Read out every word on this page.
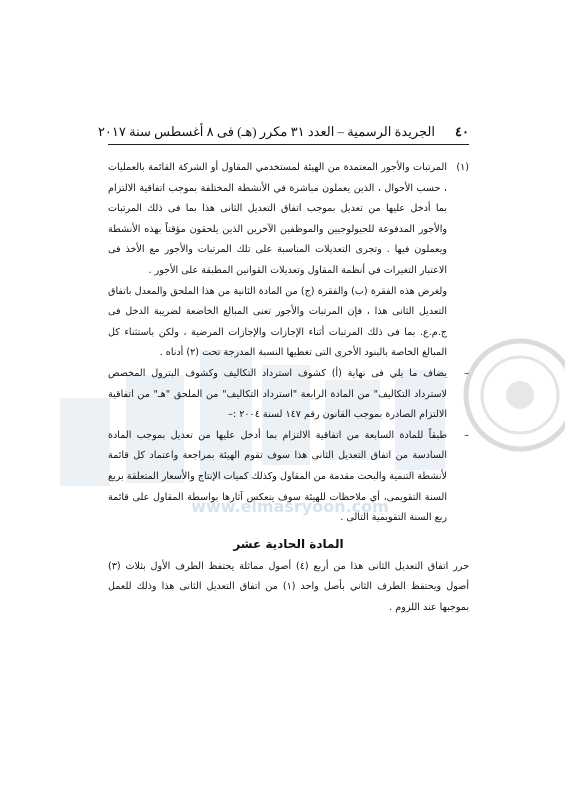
www.elmasryoon.com
٤٠
الجريدة الرسمية – العدد ٣١ مكرر (هـ) فى ٨ أغسطس سنة ٢٠١٧
(١)

المرتبات والأجور المعتمدة من الهيئة لمستخدمي المقاول أو الشركة القائمة بالعمليات ، حسب الأحوال ، الذين يعملون مباشرة في الأنشطة المختلفة بموجب اتفاقية الالتزام بما أدخل عليها من تعديل بموجب اتفاق التعديل الثانى هذا بما فى ذلك المرتبات والأجور المدفوعة للجيولوجيين والموظفين الآخرين الذين يلحقون مؤقتاً بهذه الأنشطة ويعملون فيها . وتجرى التعديلات المناسبة على تلك المرتبات والأجور مع الأخذ فى الاعتبار التغيرات في أنظمة المقاول وتعديلات القوانين المطبقة على الأجور .

ولغرض هذه الفقرة (ب) والفقرة (ج) من المادة الثانية من هذا الملحق والمعدل باتفاق التعديل الثانى هذا ، فإن المرتبات والأجور تعنى المبالغ الخاضعة لضريبة الدخل فى ج.م.ع. بما فى ذلك المرتبات أثناء الإجازات والإجازات المرضية ، ولكن باستثناء كل المبالغ الخاصة بالبنود الأخرى التى تغطيها النسبة المدرجة تحت (٢) أدناه .

–

يضاف ما يلي فى نهاية (أ) كشوف استرداد التكاليف وكشوف البترول المخصص لاسترداد التكاليف" من المادة الرابعة "استرداد التكاليف" من الملحق "هـ" من اتفاقية الالتزام الصادرة بموجب القانون رقم ١٤٧ لسنة ٢٠٠٤ :–

–

طبقاً للمادة السابعة من اتفاقية الالتزام بما أدخل عليها من تعديل بموجب المادة السادسة من اتفاق التعديل الثانى هذا سوف تقوم الهيئة بمراجعة واعتماد كل قائمة لأنشطة التنمية والبحث مقدمة من المقاول وكذلك كميات الإنتاج والأسعار المتعلقة بربع السنة التقويمى، أي ملاحظات للهيئة سوف ينعكس آثارها بواسطة المقاول على قائمة ربع السنة التقويمية التالى .

المادة الحادية عشر

حرر اتفاق التعديل الثانى هذا من أربع (٤) أصول مماثلة يحتفظ الطرف الأول بثلاث (٣) أصول ويحتفظ الطرف الثاني بأصل واحد (١) من اتفاق التعديل الثانى هذا وذلك للعمل بموجبها عند اللزوم .
